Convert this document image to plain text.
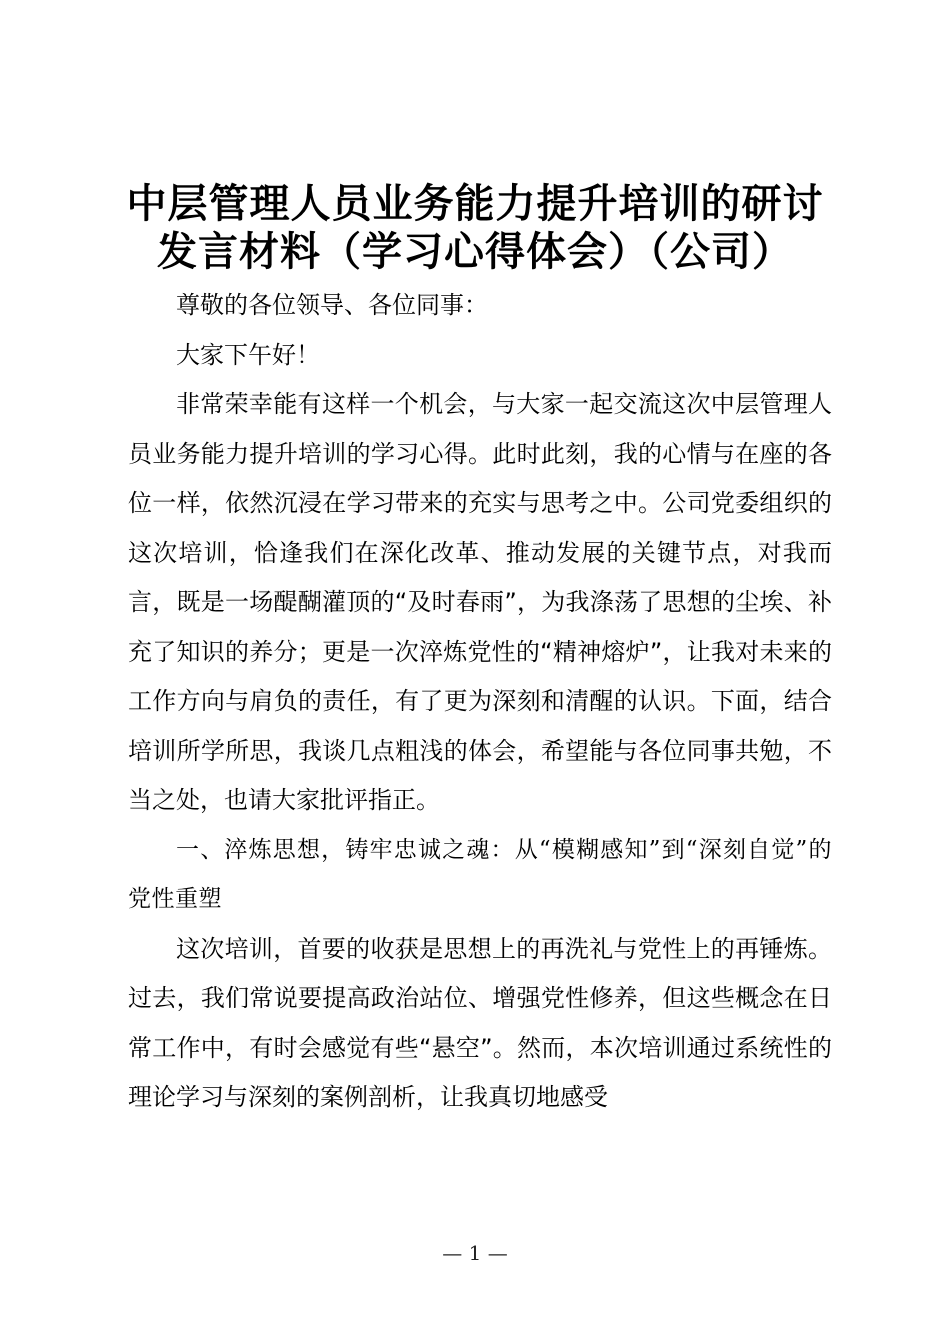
中层管理人员业务能力提升培训的研讨
发言材料（学习心得体会）（公司）

尊敬的各位领导、各位同事：

大家下午好！

非常荣幸能有这样一个机会，与大家一起交流这次中层管理人员业务能力提升培训的学习心得。此时此刻，我的心情与在座的各位一样，依然沉浸在学习带来的充实与思考之中。公司党委组织的这次培训，恰逢我们在深化改革、推动发展的关键节点，对我而言，既是一场醍醐灌顶的“及时春雨”，为我涤荡了思想的尘埃、补充了知识的养分；更是一次淬炼党性的“精神熔炉”，让我对未来的工作方向与肩负的责任，有了更为深刻和清醒的认识。下面，结合培训所学所思，我谈几点粗浅的体会，希望能与各位同事共勉，不当之处，也请大家批评指正。

一、淬炼思想，铸牢忠诚之魂：从“模糊感知”到“深刻自觉”的党性重塑

这次培训，首要的收获是思想上的再洗礼与党性上的再锤炼。过去，我们常说要提高政治站位、增强党性修养，但这些概念在日常工作中，有时会感觉有些“悬空”。然而，本次培训通过系统性的理论学习与深刻的案例剖析，让我真切地感受

— 1 —
